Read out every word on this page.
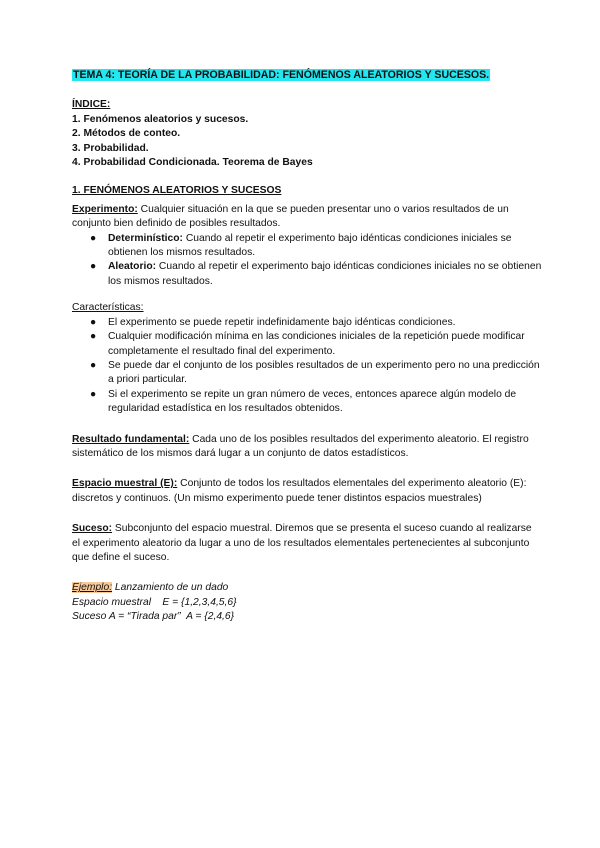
TEMA 4: TEORÍA DE LA PROBABILIDAD: FENÓMENOS ALEATORIOS Y SUCESOS.
ÍNDICE:
1. Fenómenos aleatorios y sucesos.
2. Métodos de conteo.
3. Probabilidad.
4. Probabilidad Condicionada. Teorema de Bayes
1. FENÓMENOS ALEATORIOS Y SUCESOS
Experimento: Cualquier situación en la que se pueden presentar uno o varios resultados de un conjunto bien definido de posibles resultados.
● Determinístico: Cuando al repetir el experimento bajo idénticas condiciones iniciales se obtienen los mismos resultados.
● Aleatorio: Cuando al repetir el experimento bajo idénticas condiciones iniciales no se obtienen los mismos resultados.
Características:
● El experimento se puede repetir indefinidamente bajo idénticas condiciones.
● Cualquier modificación mínima en las condiciones iniciales de la repetición puede modificar completamente el resultado final del experimento.
● Se puede dar el conjunto de los posibles resultados de un experimento pero no una predicción a priori particular.
● Si el experimento se repite un gran número de veces, entonces aparece algún modelo de regularidad estadística en los resultados obtenidos.
Resultado fundamental: Cada uno de los posibles resultados del experimento aleatorio. El registro sistemático de los mismos dará lugar a un conjunto de datos estadísticos.
Espacio muestral (E): Conjunto de todos los resultados elementales del experimento aleatorio (E): discretos y continuos. (Un mismo experimento puede tener distintos espacios muestrales)
Suceso: Subconjunto del espacio muestral. Diremos que se presenta el suceso cuando al realizarse el experimento aleatorio da lugar a uno de los resultados elementales pertenecientes al subconjunto que define el suceso.
Ejemplo: Lanzamiento de un dado
Espacio muestral    E = {1,2,3,4,5,6}
Suceso A = “Tirada par”  A = {2,4,6}
